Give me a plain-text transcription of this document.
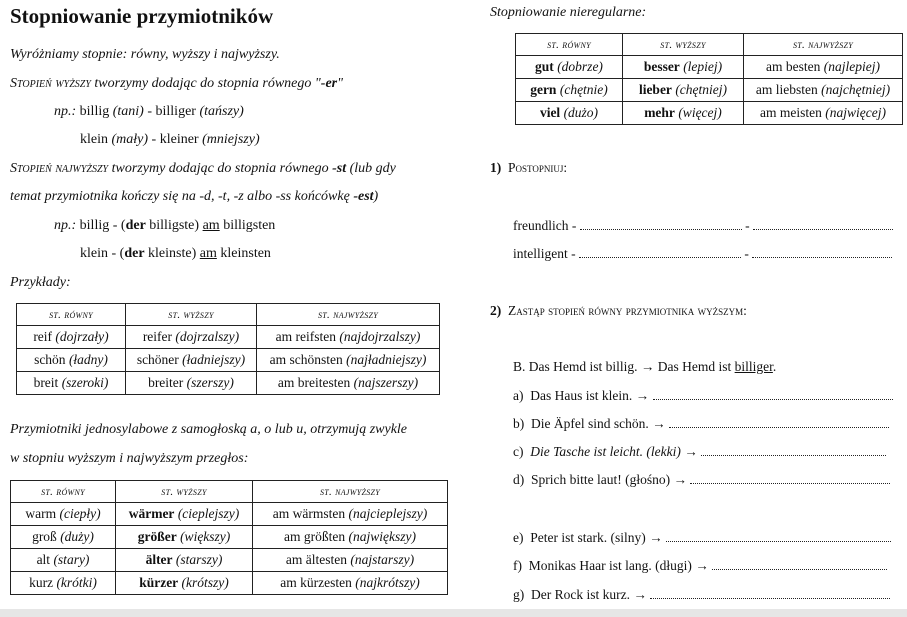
Stopniowanie przymiotników
Wyróżniamy stopnie: równy, wyższy i najwyższy.
Stopień wyższy tworzymy dodając do stopnia równego "-er"
np.: billig (tani) - billiger (tańszy)
klein (mały) - kleiner (mniejszy)
Stopień najwyższy tworzymy dodając do stopnia równego -st (lub gdy
temat przymiotnika kończy się na -d, -t, -z albo -ss końcówkę -est)
np.: billig - (der billigste) am billigsten
klein - (der kleinste) am kleinsten
Przykłady:
st. równy	st. wyższy	st. najwyższy
reif (dojrzały)	reifer (dojrzalszy)	am reifsten (najdojrzalszy)
schön (ładny)	schöner (ładniejszy)	am schönsten (najładniejszy)
breit (szeroki)	breiter (szerszy)	am breitesten (najszerszy)
Przymiotniki jednosylabowe z samogłoską a, o lub u, otrzymują zwykle
w stopniu wyższym i najwyższym przegłos:
st. równy	st. wyższy	st. najwyższy
warm (ciepły)	wärmer (cieplejszy)	am wärmsten (najcieplejszy)
groß (duży)	größer (większy)	am größten (największy)
alt (stary)	älter (starszy)	am ältesten (najstarszy)
kurz (krótki)	kürzer (krótszy)	am kürzesten (najkrótszy)
Stopniowanie nieregularne:
st. równy	st. wyższy	st. najwyższy
gut (dobrze)	besser (lepiej)	am besten (najlepiej)
gern (chętnie)	lieber (chętniej)	am liebsten (najchętniej)
viel (dużo)	mehr (więcej)	am meisten (najwięcej)
1) Postopniuj:
freundlich -	-
intelligent -	-
2) Zastąp stopień równy przymiotnika wyższym:
B. Das Hemd ist billig. → Das Hemd ist billiger.
a) Das Haus ist klein. →
b) Die Äpfel sind schön. →
c) Die Tasche ist leicht. (lekki) →
d) Sprich bitte laut! (głośno) →
e) Peter ist stark. (silny) →
f) Monikas Haar ist lang. (długi) →
g) Der Rock ist kurz. →
